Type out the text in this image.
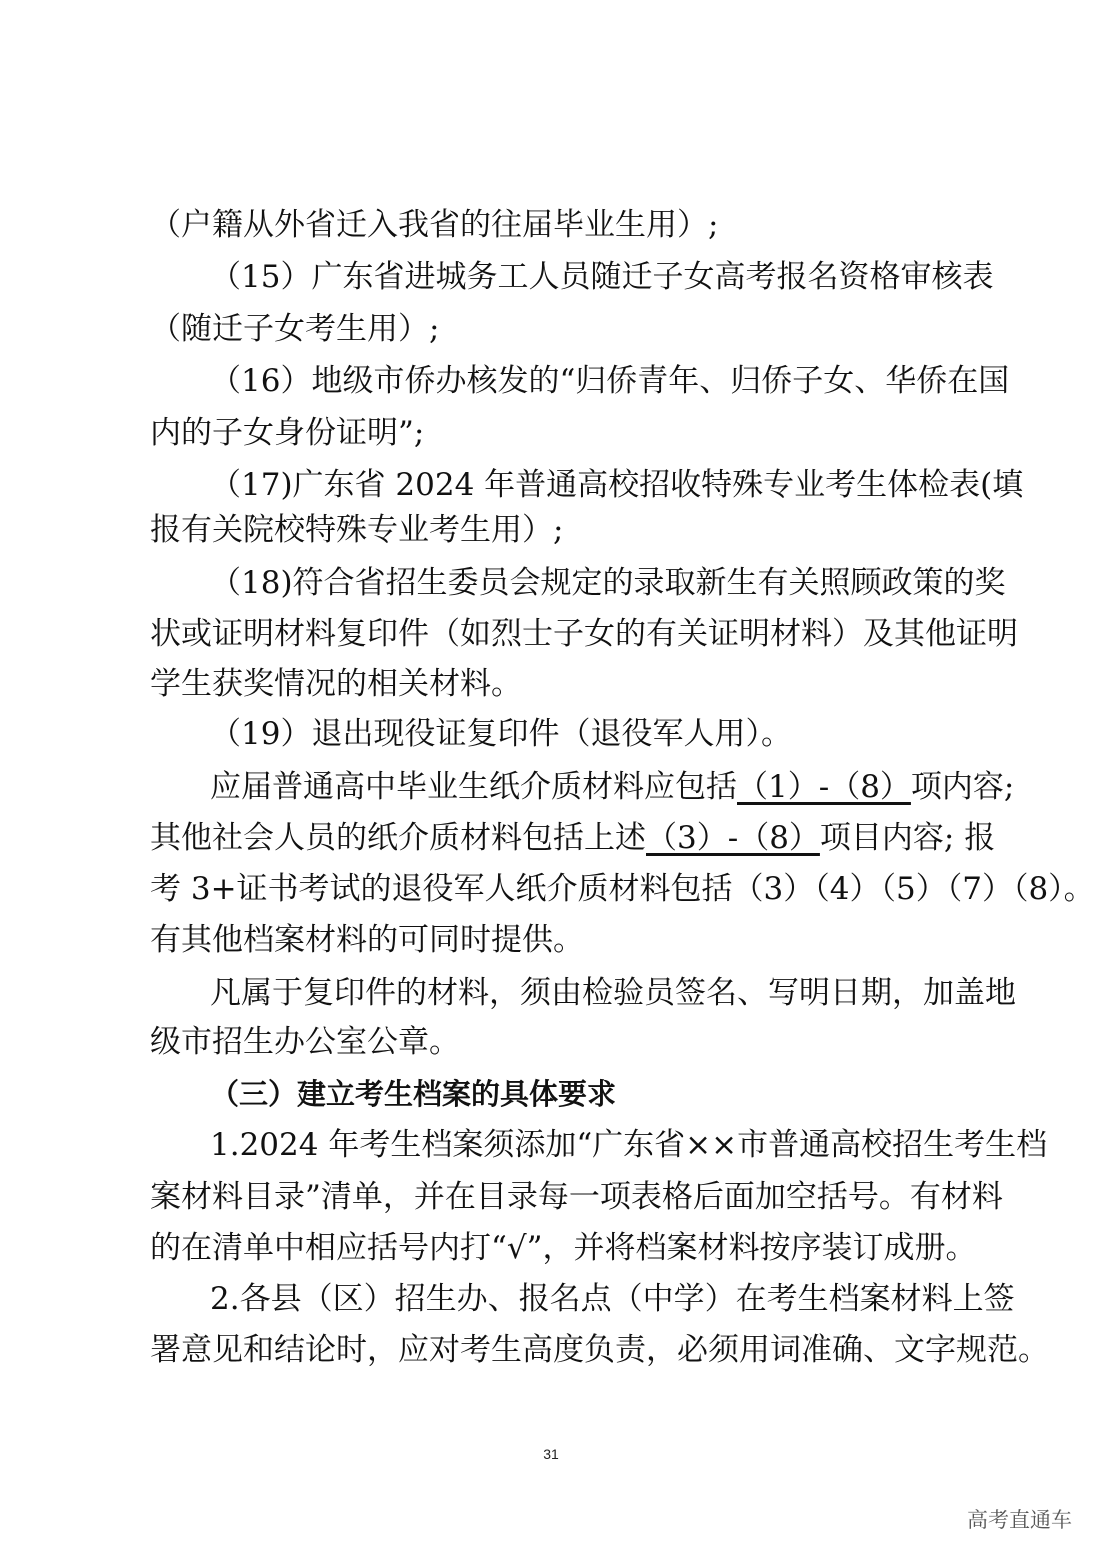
（户籍从外省迁入我省的往届毕业生用）;

（15）广东省进城务工人员随迁子女高考报名资格审核表

（随迁子女考生用）;

（16）地级市侨办核发的“归侨青年、归侨子女、华侨在国

内的子女身份证明”;

（17)广东省 2024 年普通高校招收特殊专业考生体检表(填

报有关院校特殊专业考生用）;

（18)符合省招生委员会规定的录取新生有关照顾政策的奖

状或证明材料复印件（如烈士子女的有关证明材料）及其他证明

学生获奖情况的相关材料。

（19）退出现役证复印件（退役军人用）。

应届普通高中毕业生纸介质材料应包括（1）-（8）项内容;

其他社会人员的纸介质材料包括上述（3）-（8）项目内容; 报

考 3+证书考试的退役军人纸介质材料包括（3）（4）（5）（7）（8）。

有其他档案材料的可同时提供。

凡属于复印件的材料，须由检验员签名、写明日期，加盖地

级市招生办公室公章。

（三）建立考生档案的具体要求

1.2024 年考生档案须添加“广东省××市普通高校招生考生档

案材料目录”清单，并在目录每一项表格后面加空括号。有材料

的在清单中相应括号内打“√”，并将档案材料按序装订成册。

2.各县（区）招生办、报名点（中学）在考生档案材料上签

署意见和结论时，应对考生高度负责，必须用词准确、文字规范。

31
高考直通车
